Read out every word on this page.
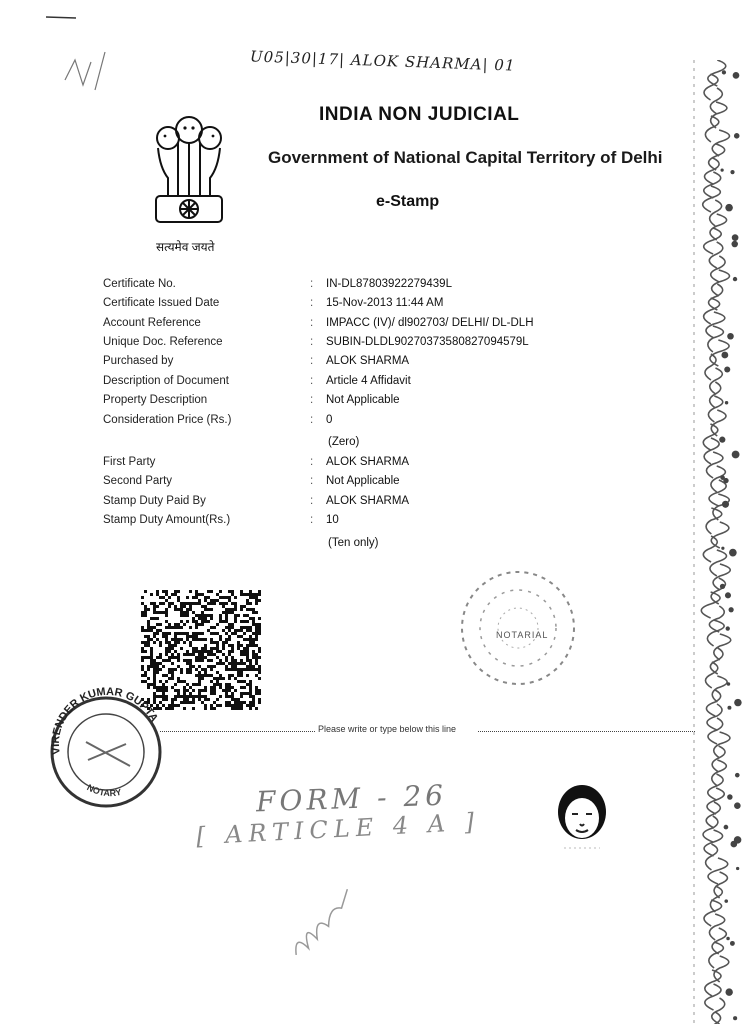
U05|30|17| ALOK SHARMA| 01
सत्यमेव जयते
INDIA NON JUDICIAL
Government of National Capital Territory of Delhi
e-Stamp
Certificate No.	:	IN-DL87803922279439L
Certificate Issued Date	:	15-Nov-2013 11:44 AM
Account Reference	:	IMPACC (IV)/ dl902703/ DELHI/ DL-DLH
Unique Doc. Reference	:	SUBIN-DLDL90270373580827094579L
Purchased by	:	ALOK SHARMA
Description of Document	:	Article 4 Affidavit
Property Description	:	Not Applicable
Consideration Price (Rs.)	:	0
(Zero)
First Party	:	ALOK SHARMA
Second Party	:	Not Applicable
Stamp Duty Paid By	:	ALOK SHARMA
Stamp Duty Amount(Rs.)	:	10
(Ten only)
NOTARIAL
Please write or type below this line
VIRENDER KUMAR GUPTA
NOTARY	FORM - 26
[ ARTICLE 4 A ]
